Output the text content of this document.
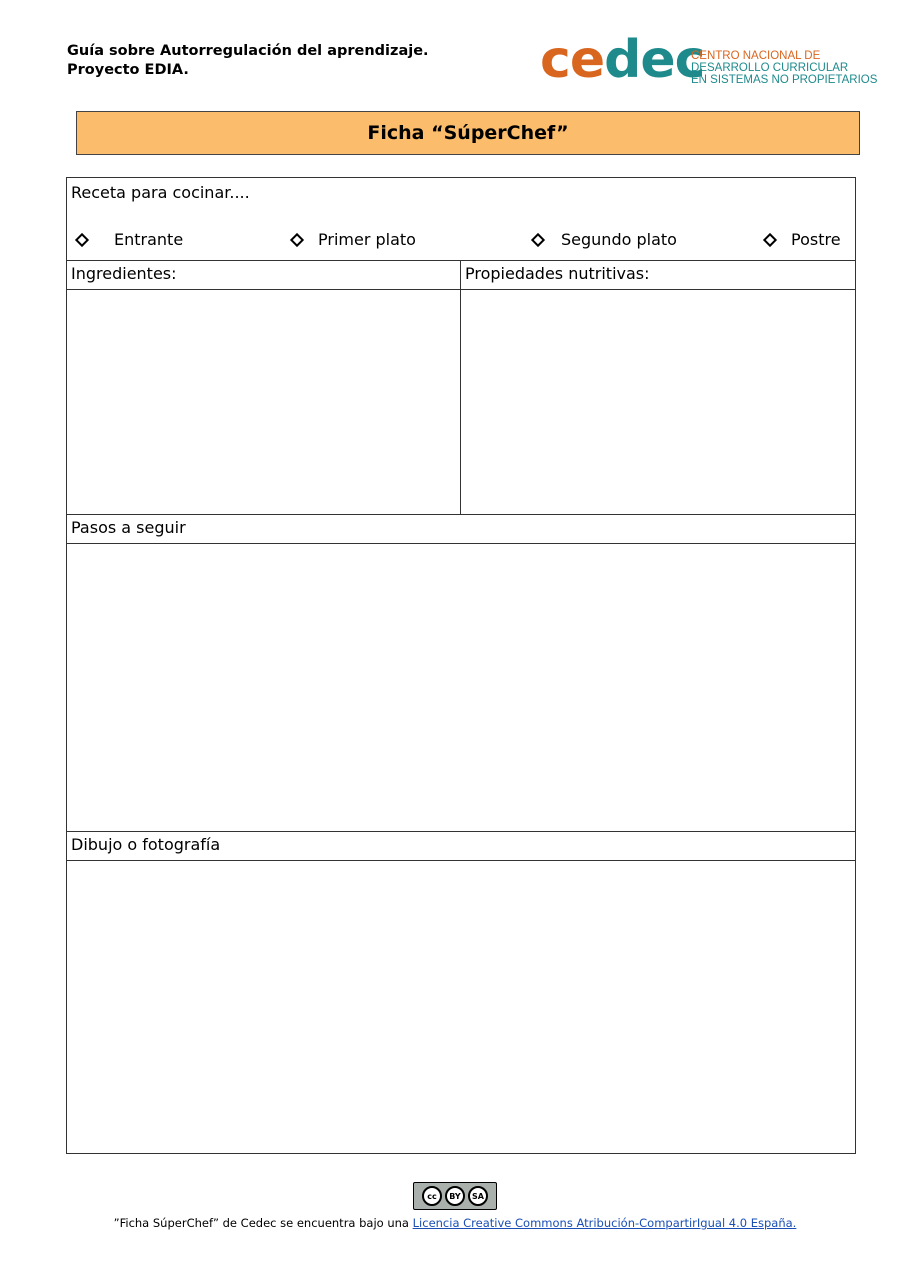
Guía sobre Autorregulación del aprendizaje.
Proyecto EDIA.	cedec
CENTRO NACIONAL DE
DESARROLLO CURRICULAR
EN SISTEMAS NO PROPIETARIOS
Ficha “SúperChef”
Receta para cocinar....
Entrante	Primer plato	Segundo plato	Postre
Ingredientes:	Propiedades nutritivas:
Pasos a seguir
Dibujo o fotografía
cc	BY	SA
”Ficha SúperChef” de Cedec se encuentra bajo una Licencia Creative Commons Atribución-CompartirIgual 4.0 España.
